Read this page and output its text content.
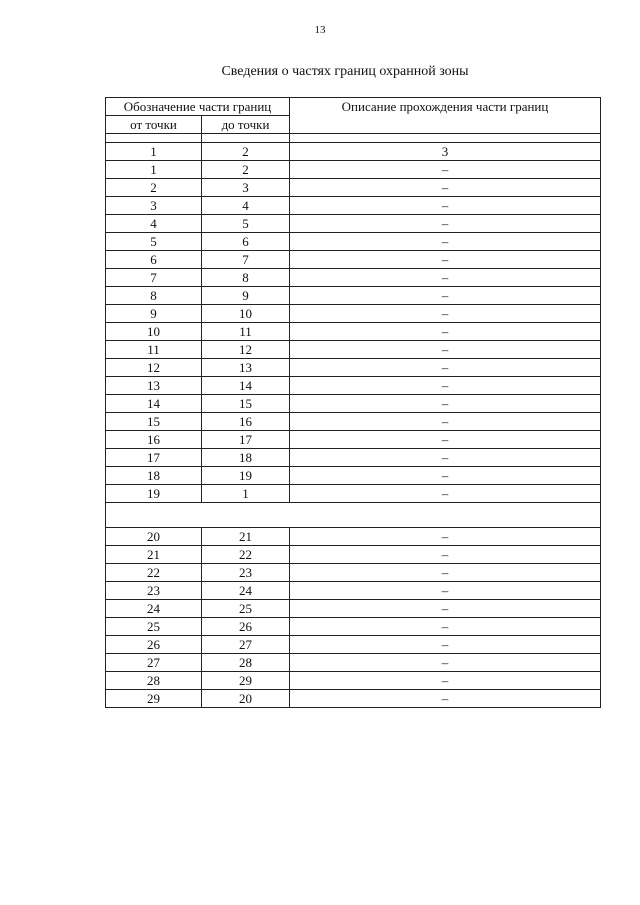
13
Сведения о частях границ охранной зоны
Обозначение части границ		Описание прохождения части границ
от точки	до точки	

1	2	3
1	2	–
2	3	–
3	4	–
4	5	–
5	6	–
6	7	–
7	8	–
8	9	–
9	10	–
10	11	–
11	12	–
12	13	–
13	14	–
14	15	–
15	16	–
16	17	–
17	18	–
18	19	–
19	1	–

20	21	–
21	22	–
22	23	–
23	24	–
24	25	–
25	26	–
26	27	–
27	28	–
28	29	–
29	20	–
